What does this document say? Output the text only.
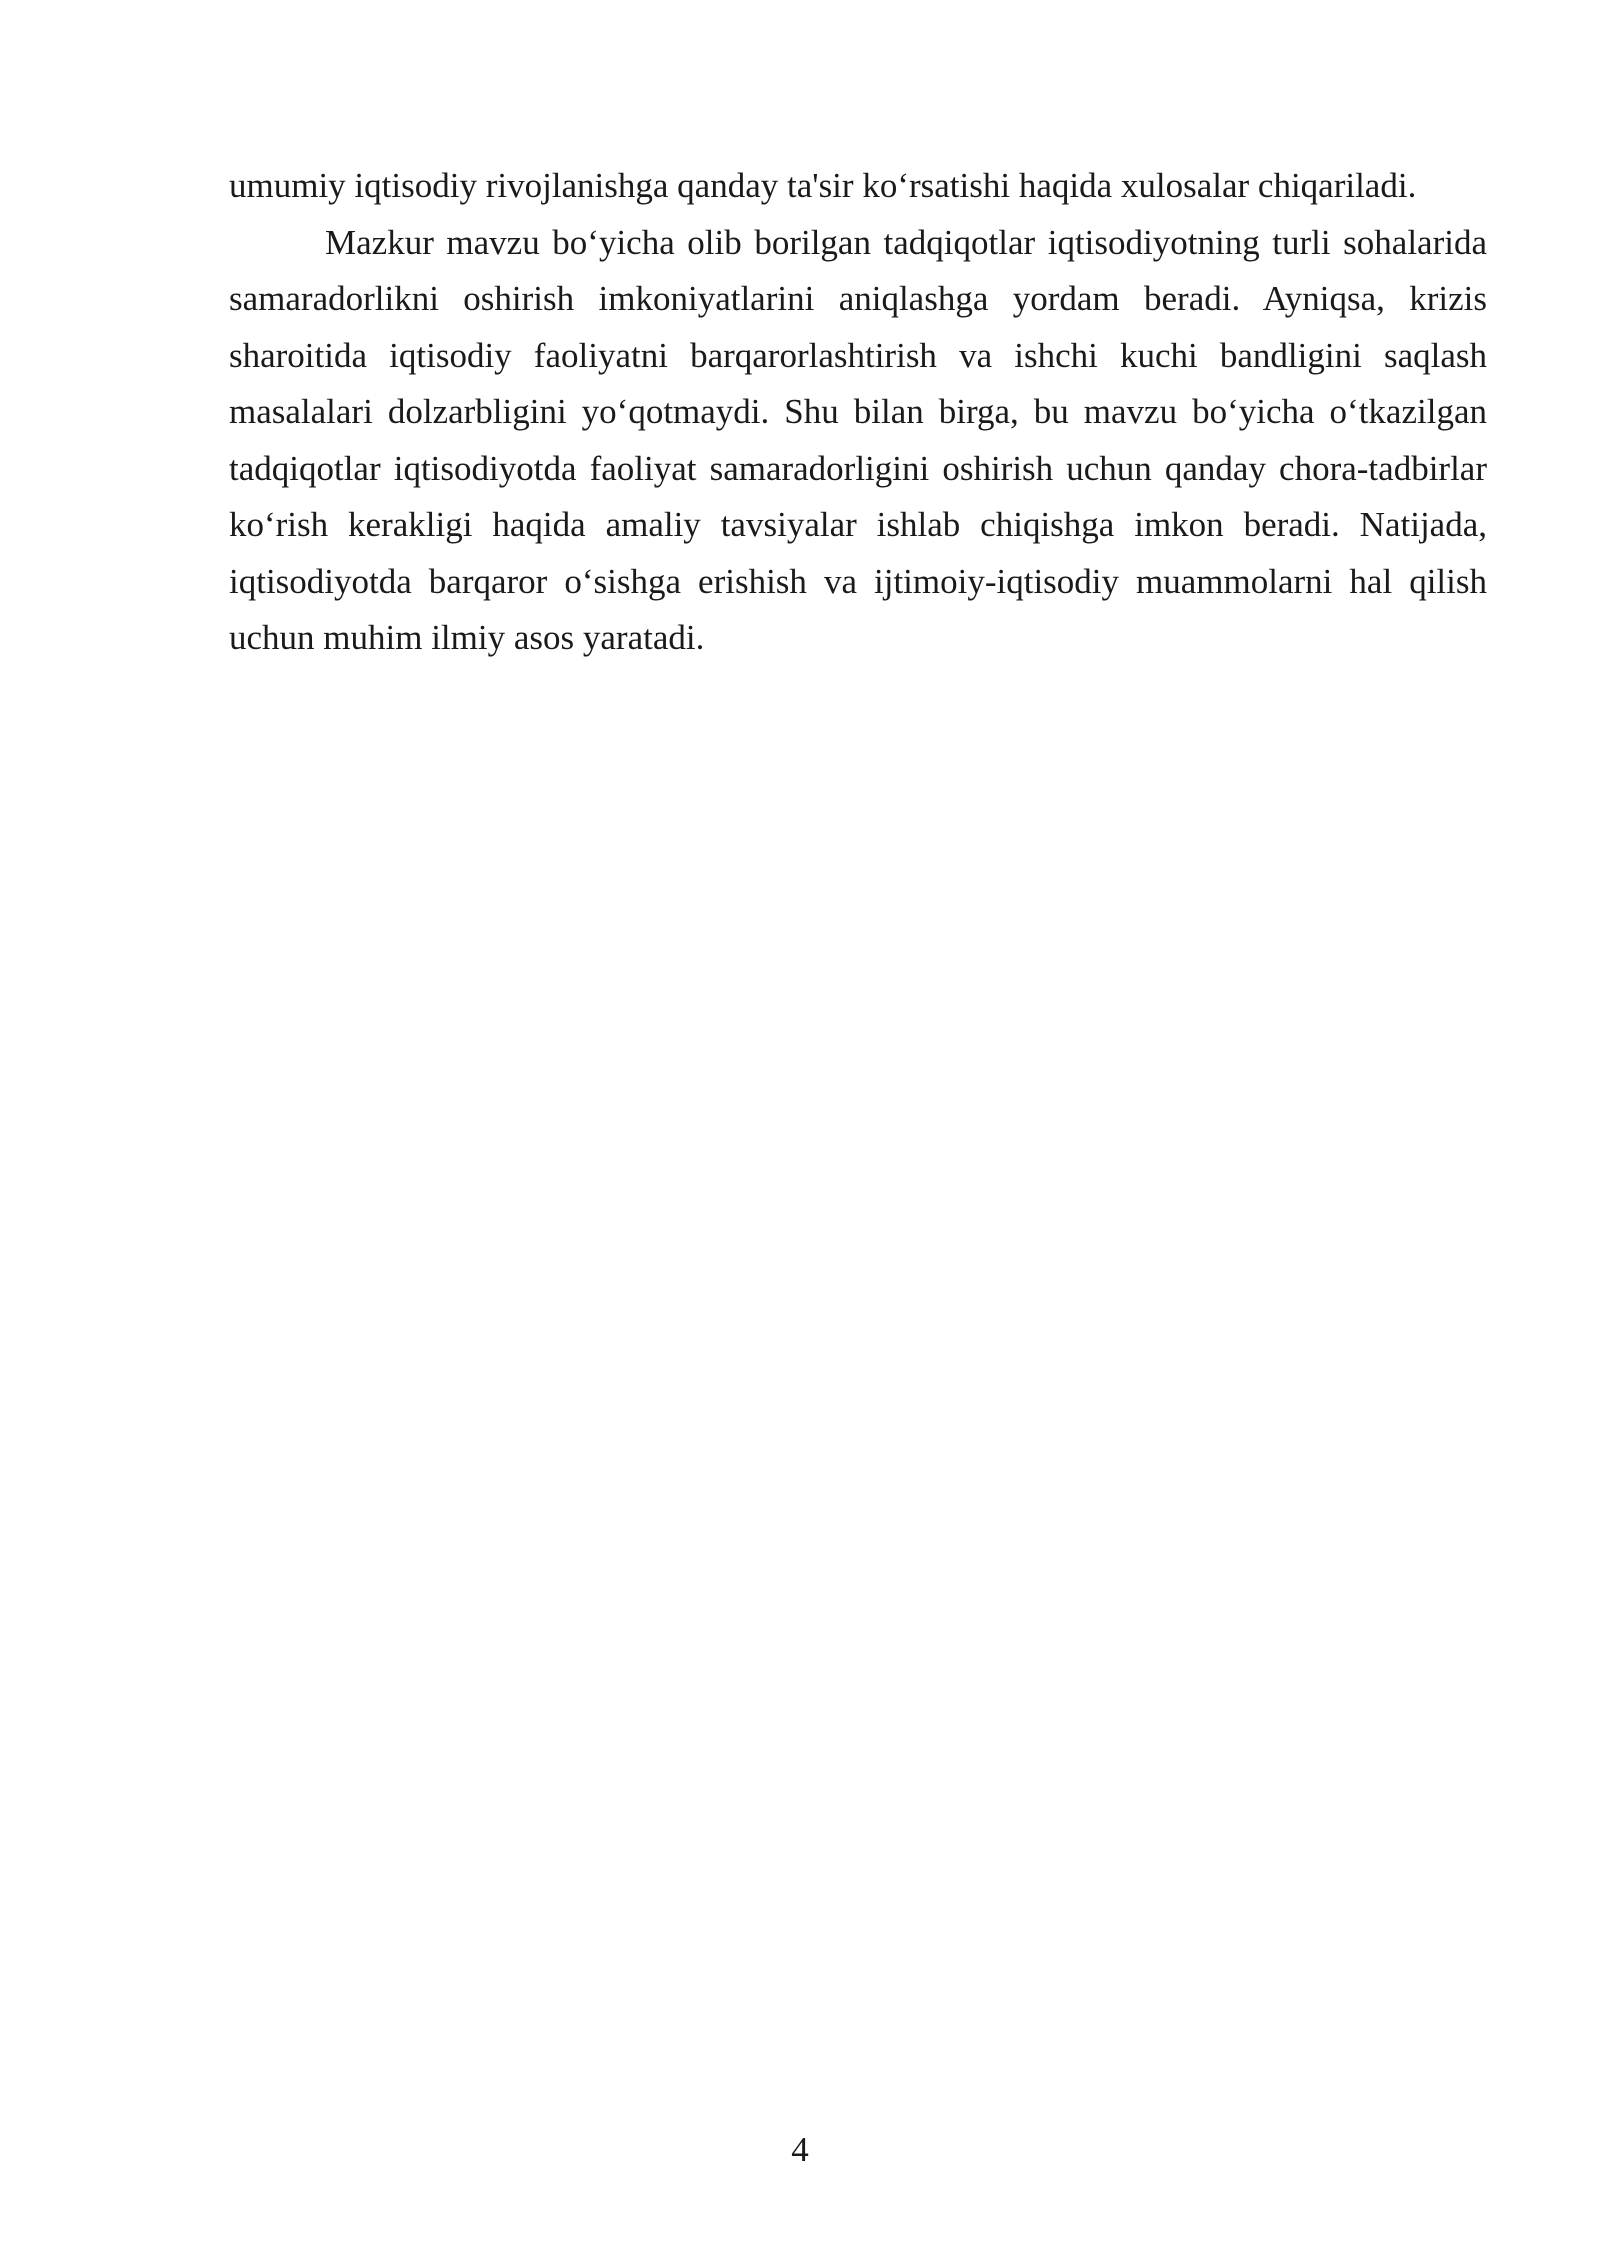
umumiy iqtisodiy rivojlanishga qanday ta'sir ko‘rsatishi haqida xulosalar chiqariladi.

Mazkur mavzu bo‘yicha olib borilgan tadqiqotlar iqtisodiyotning turli sohalarida samaradorlikni oshirish imkoniyatlarini aniqlashga yordam beradi. Ayniqsa, krizis sharoitida iqtisodiy faoliyatni barqarorlashtirish va ishchi kuchi bandligini saqlash masalalari dolzarbligini yo‘qotmaydi. Shu bilan birga, bu mavzu bo‘yicha o‘tkazilgan tadqiqotlar iqtisodiyotda faoliyat samaradorligini oshirish uchun qanday chora-tadbirlar ko‘rish kerakligi haqida amaliy tavsiyalar ishlab chiqishga imkon beradi. Natijada, iqtisodiyotda barqaror o‘sishga erishish va ijtimoiy-iqtisodiy muammolarni hal qilish uchun muhim ilmiy asos yaratadi.

4
